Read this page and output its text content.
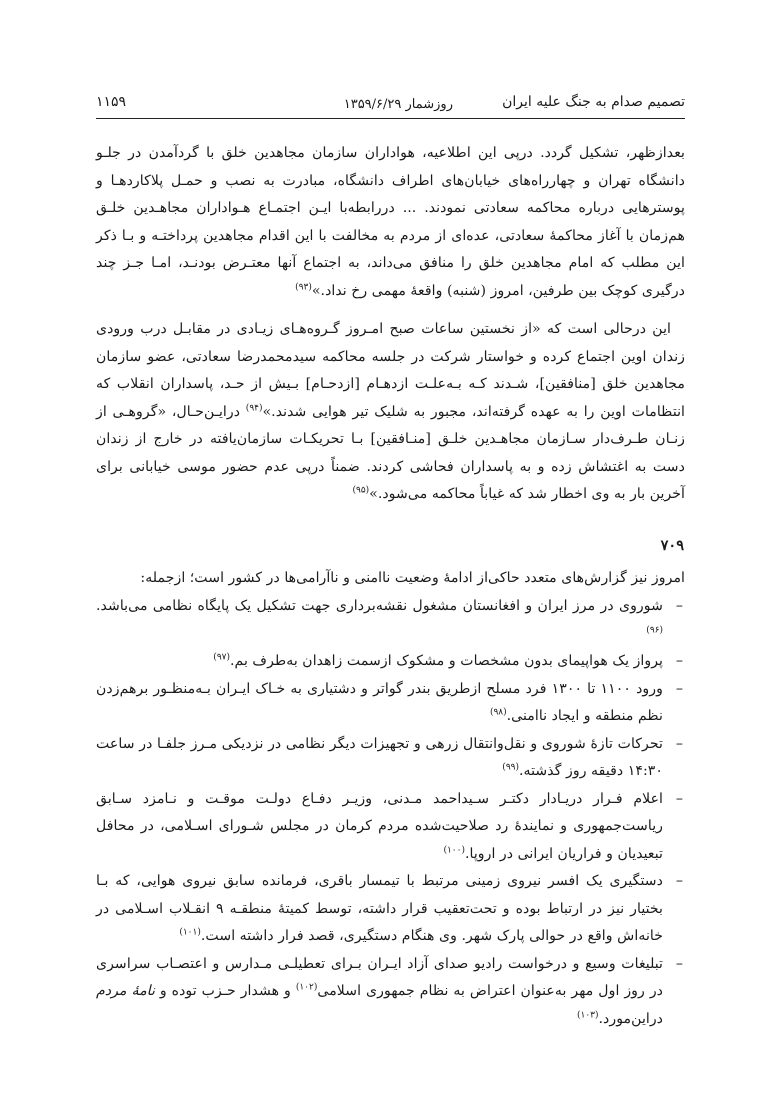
تصمیم صدام به جنگ علیه ایران
روزشمار ۱۳۵۹/۶/۲۹
۱۱۵۹
بعدازظهر، تشکیل گردد. درپی این اطلاعیه، هواداران سازمان مجاهدین خلق با گردآمدن در جلـو دانشگاه تهران و چهارراه‌های خیابان‌های اطراف دانشگاه، مبادرت به نصب و حمـل پلاکاردهـا و پوسترهایی درباره محاکمه سعادتی نمودند. ... دررابطه‌با ایـن اجتمـاع هـواداران مجاهـدین خلـق هم‌زمان با آغاز محاکمهٔ سعادتی، عده‌ای از مردم به مخالفت با این اقدام مجاهدین پرداختـه و بـا ذکر این مطلب که امام مجاهدین خلق را منافق می‌داند، به اجتماع آنها معتـرض بودنـد، امـا جـز چند درگیری کوچک بین طرفین، امروز (شنبه) واقعهٔ مهمی رخ نداد.»$^{(۹۳)}$
این درحالی است که «از نخستین ساعات صبح امـروز گـروه‌هـای زیـادی در مقابـل درب ورودی زندان اوین اجتماع کرده و خواستار شرکت در جلسه محاکمه سیدمحمدرضا سعادتی، عضو سازمان مجاهدین خلق [منافقین]، شـدند کـه بـه‌علـت ازدهـام [ازدحـام] بـیش از حـد، پاسداران انقلاب که انتظامات اوین را به عهده گرفته‌اند، مجبور به شلیک تیر هوایی شدند.»$^{(۹۴)}$ درایـن‌حـال، «گروهـی از زنـان طـرف‌دار سـازمان مجاهـدین خلـق [منـافقین] بـا تحریکـات سازمان‌یافته در خارج از زندان دست به اغتشاش زده و به پاسداران فحاشی کردند. ضمناً درپی عدم حضور موسی خیابانی برای آخرین بار به وی اخطار شد که غیاباً محاکمه می‌شود.»$^{(۹۵)}$
۷۰۹
امروز نیز گزارش‌های متعدد حاکی‌از ادامهٔ وضعیت ناامنی و ناآرامی‌ها در کشور است؛ ازجمله:
– شوروی در مرز ایران و افغانستان مشغول نقشه‌برداری جهت تشکیل یک پایگاه نظامی می‌باشد.$^{(۹۶)}$
– پرواز یک هواپیمای بدون مشخصات و مشکوک ازسمت زاهدان به‌طرف بم.$^{(۹۷)}$
– ورود ۱۱۰۰ تا ۱۳۰۰ فرد مسلح ازطریق بندر گواتر و دشتیاری به خـاک ایـران بـه‌منظـور برهم‌زدن نظم منطقه و ایجاد ناامنی.$^{(۹۸)}$
– تحرکات تازهٔ شوروی و نقل‌وانتقال زرهی و تجهیزات دیگر نظامی در نزدیکی مـرز جلفـا در ساعت ۱۴:۳۰ دقیقه روز گذشته.$^{(۹۹)}$
– اعلام فـرار دریـادار دکتـر سـیداحمد مـدنی، وزیـر دفـاع دولـت موقـت و نـامزد سـابق ریاست‌جمهوری و نمایندهٔ رد صلاحیت‌شده مردم کرمان در مجلس شـورای اسـلامی، در محافل تبعیدیان و فراریان ایرانی در اروپا.$^{(۱۰۰)}$
– دستگیری یک افسر نیروی زمینی مرتبط با تیمسار باقری، فرمانده سابق نیروی هوایی، که بـا بختیار نیز در ارتباط بوده و تحت‌تعقیب قرار داشته، توسط کمیتهٔ منطقـه ۹ انقـلاب اسـلامی در خانه‌اش واقع در حوالی پارک شهر. وی هنگام دستگیری، قصد فرار داشته است.$^{(۱۰۱)}$
– تبلیغات وسیع و درخواست رادیو صدای آزاد ایـران بـرای تعطیلـی مـدارس و اعتصـاب سراسری در روز اول مهر به‌عنوان اعتراض به نظام جمهوری اسلامی$^{(۱۰۲)}$ و هشدار حـزب توده و نامهٔ مردم دراین‌مورد.$^{(۱۰۳)}$
